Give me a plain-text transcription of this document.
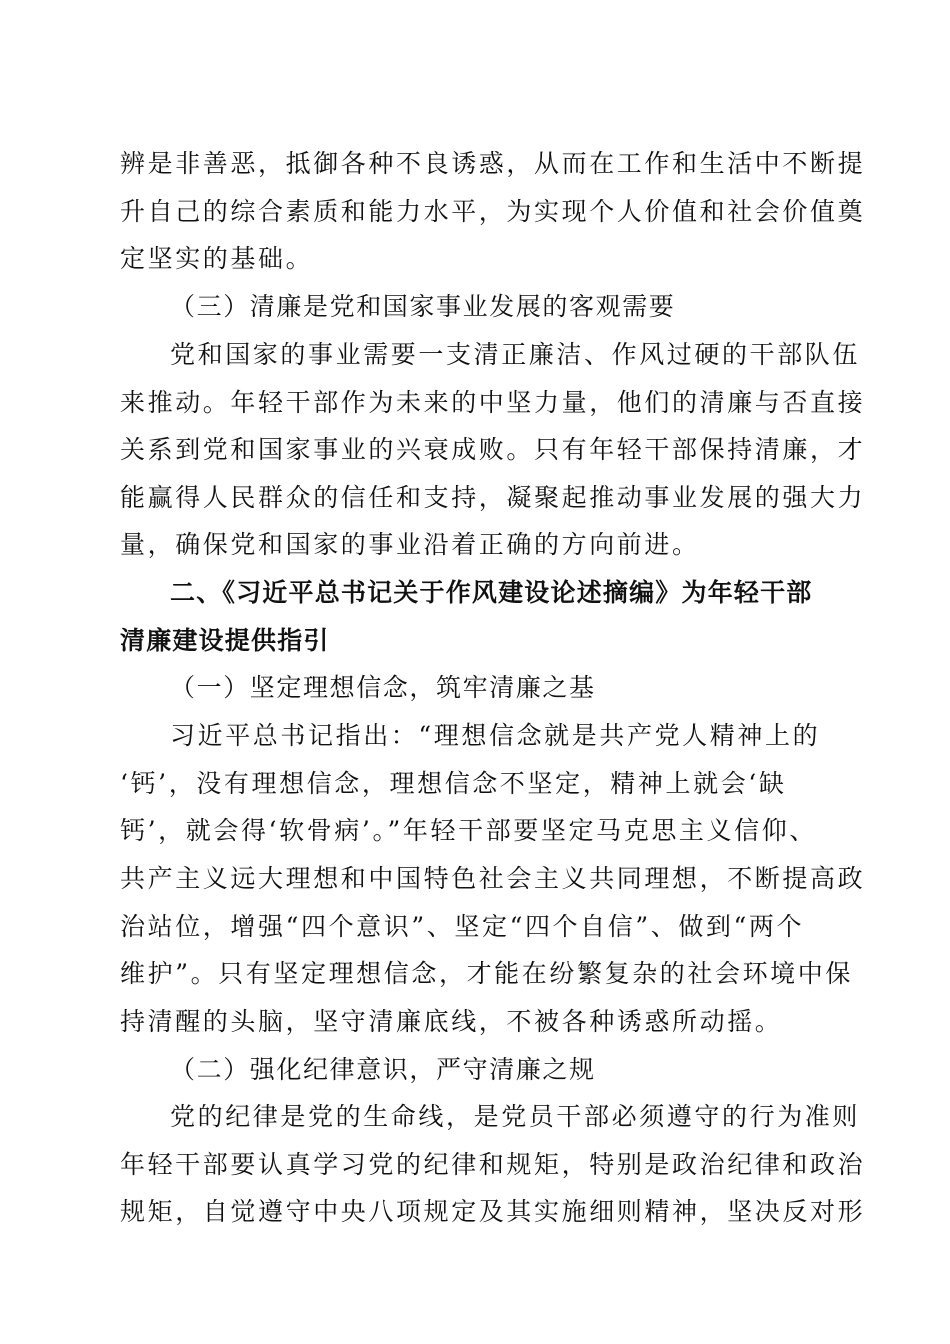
辨是非善恶，抵御各种不良诱惑，从而在工作和生活中不断提
升自己的综合素质和能力水平，为实现个人价值和社会价值奠
定坚实的基础。
（三）清廉是党和国家事业发展的客观需要
党和国家的事业需要一支清正廉洁、作风过硬的干部队伍
来推动。年轻干部作为未来的中坚力量，他们的清廉与否直接
关系到党和国家事业的兴衰成败。只有年轻干部保持清廉，才
能赢得人民群众的信任和支持，凝聚起推动事业发展的强大力
量，确保党和国家的事业沿着正确的方向前进。
二、《习近平总书记关于作风建设论述摘编》为年轻干部
清廉建设提供指引
（一）坚定理想信念，筑牢清廉之基
习近平总书记指出：“理想信念就是共产党人精神上的
‘钙’，没有理想信念，理想信念不坚定，精神上就会‘缺
钙’，就会得‘软骨病’。”年轻干部要坚定马克思主义信仰、
共产主义远大理想和中国特色社会主义共同理想，不断提高政
治站位，增强“四个意识”、坚定“四个自信”、做到“两个
维护”。只有坚定理想信念，才能在纷繁复杂的社会环境中保
持清醒的头脑，坚守清廉底线，不被各种诱惑所动摇。
（二）强化纪律意识，严守清廉之规
党的纪律是党的生命线，是党员干部必须遵守的行为准则
年轻干部要认真学习党的纪律和规矩，特别是政治纪律和政治
规矩，自觉遵守中央八项规定及其实施细则精神，坚决反对形
